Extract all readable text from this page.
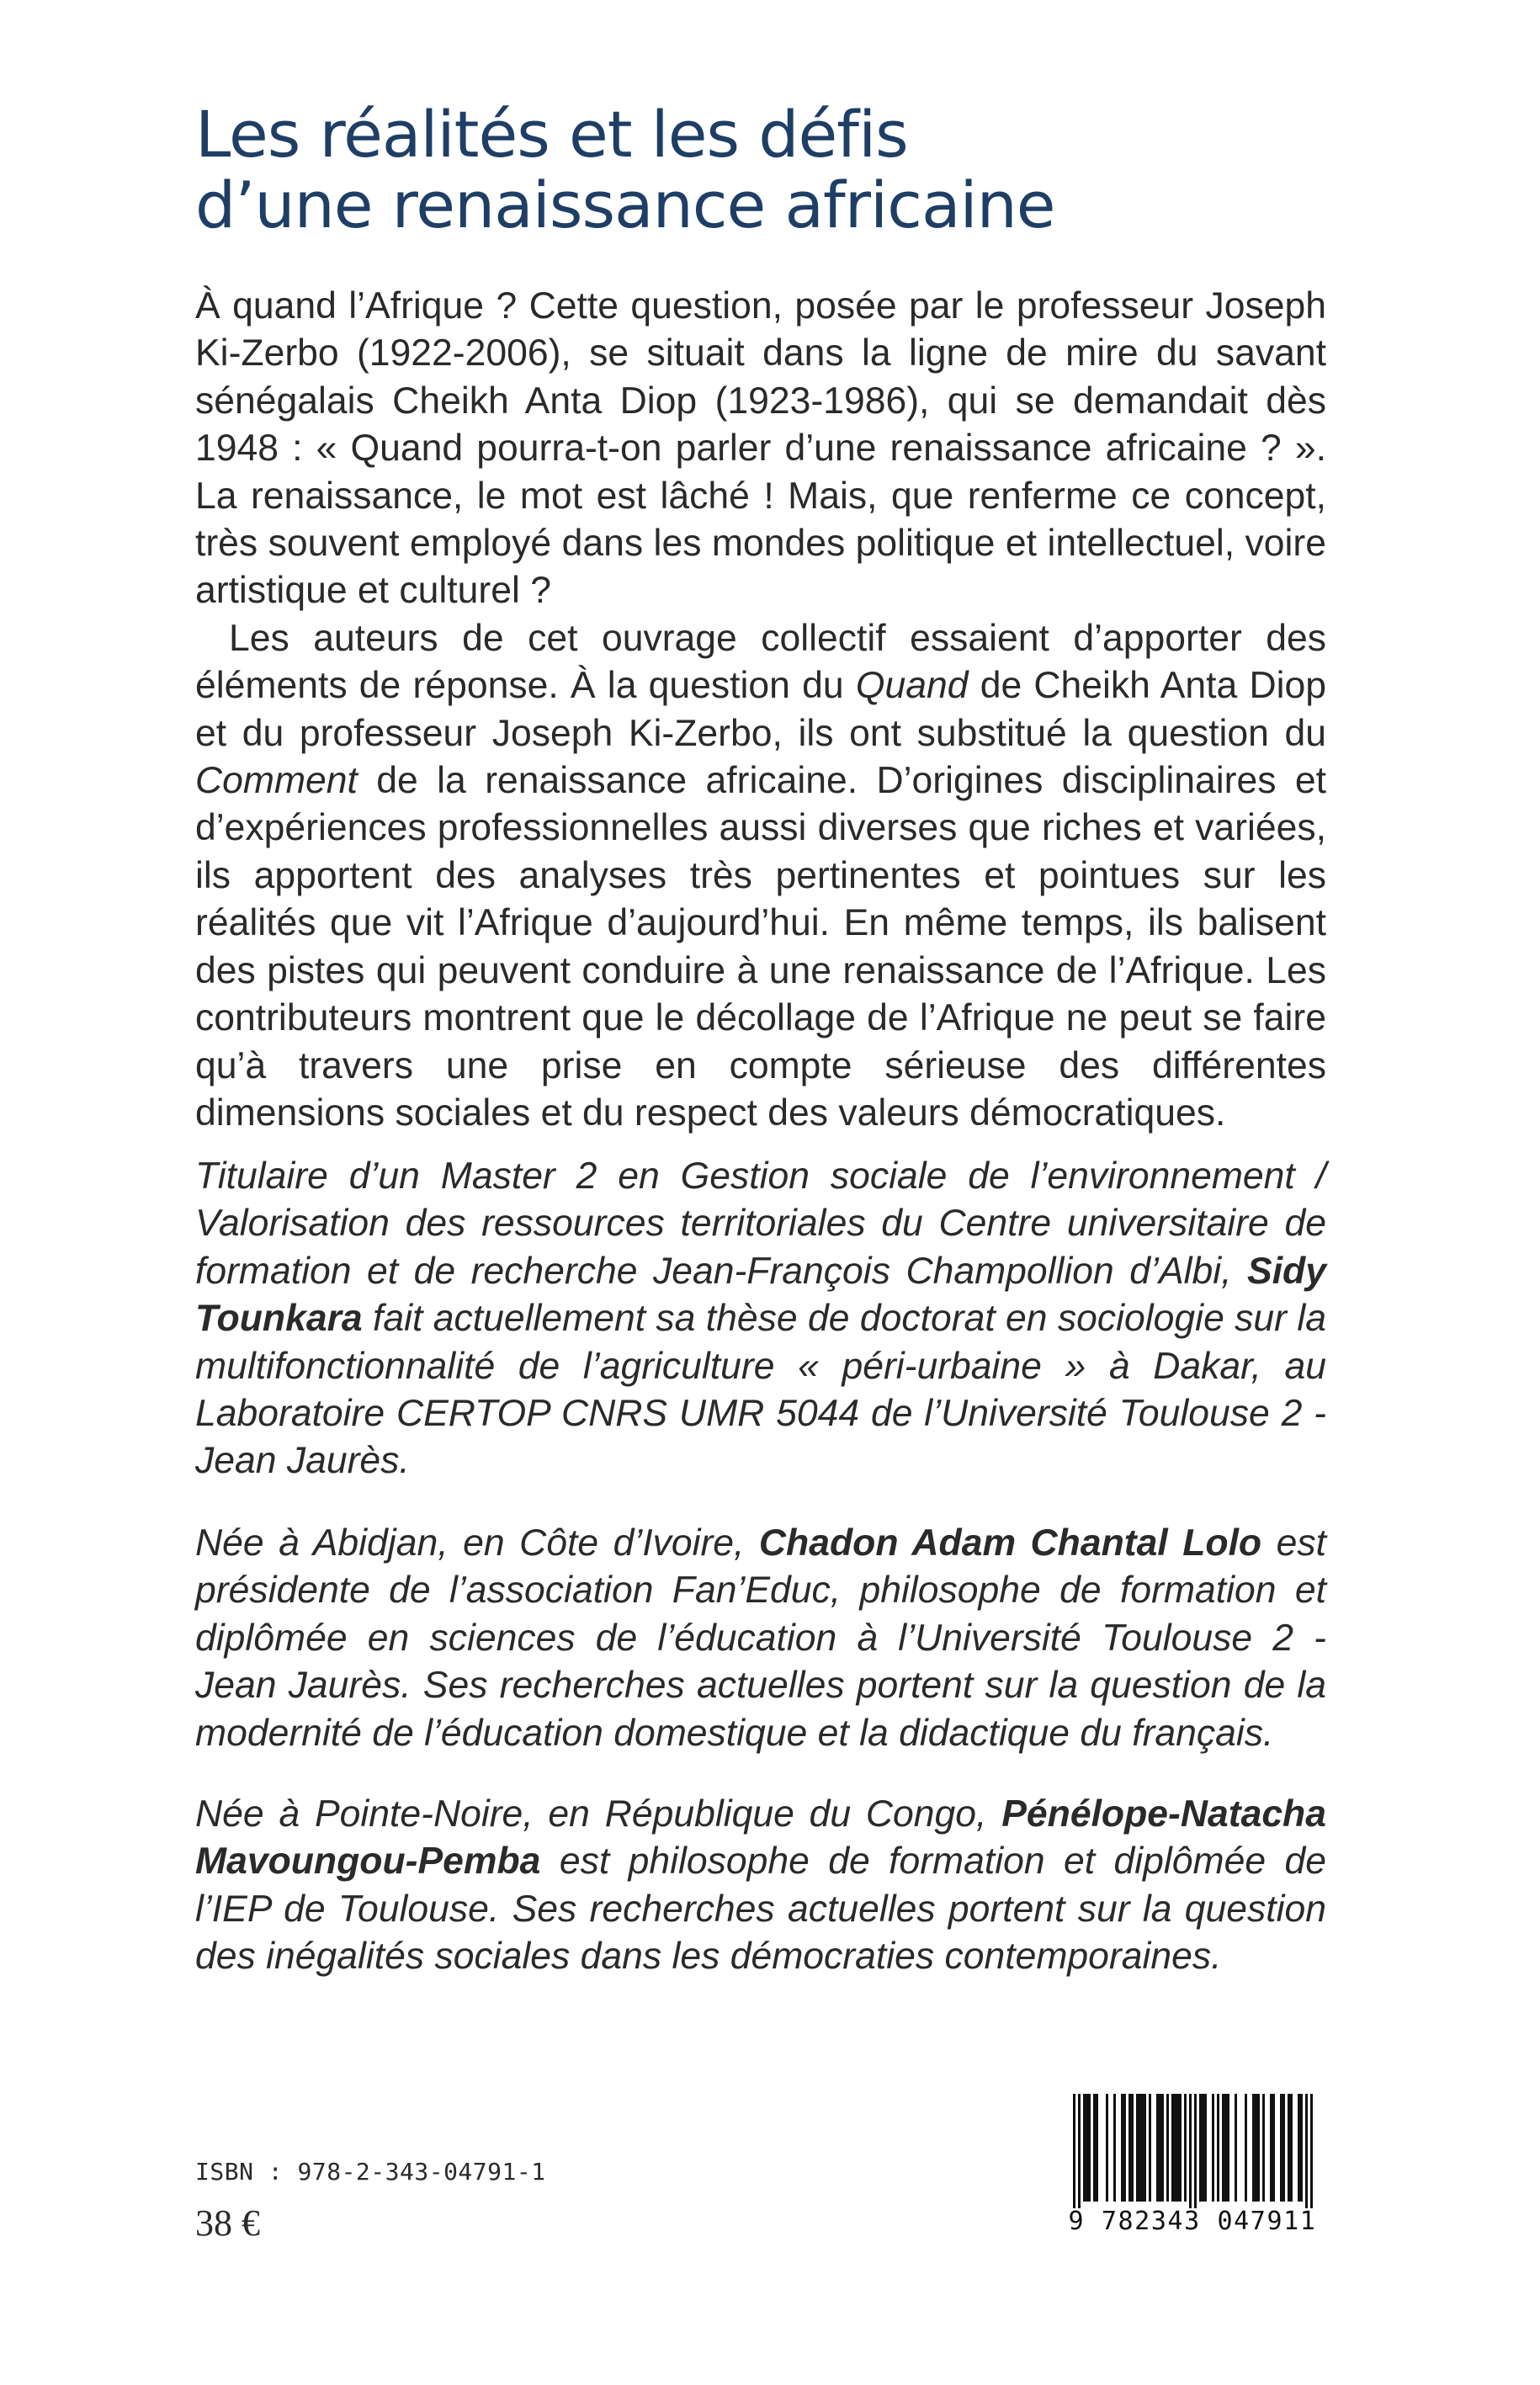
Les réalités et les défis
d’une renaissance africaine

À quand l’Afrique ? Cette question, posée par le professeur Joseph Ki-Zerbo (1922-2006), se situait dans la ligne de mire du savant sénégalais Cheikh Anta Diop (1923-1986), qui se demandait dès 1948 : « Quand pourra-t-on parler d’une renaissance africaine ? ». La renaissance, le mot est lâché ! Mais, que renferme ce concept, très souvent employé dans les mondes politique et intellectuel, voire artistique et culturel ?

Les auteurs de cet ouvrage collectif essaient d’apporter des éléments de réponse. À la question du Quand de Cheikh Anta Diop et du professeur Joseph Ki-Zerbo, ils ont substitué la question du Comment de la renaissance africaine. D’origines disciplinaires et d’expériences professionnelles aussi diverses que riches et variées, ils apportent des analyses très pertinentes et pointues sur les réalités que vit l’Afrique d’aujourd’hui. En même temps, ils balisent des pistes qui peuvent conduire à une renaissance de l’Afrique. Les contributeurs montrent que le décollage de l’Afrique ne peut se faire qu’à travers une prise en compte sérieuse des différentes dimensions sociales et du respect des valeurs démocratiques.

Titulaire d’un Master 2 en Gestion sociale de l’environnement / Valorisation des ressources territoriales du Centre universitaire de formation et de recherche Jean-François Champollion d’Albi, Sidy Tounkara fait actuellement sa thèse de doctorat en sociologie sur la multifonctionnalité de l’agriculture « péri-urbaine » à Dakar, au Laboratoire CERTOP CNRS UMR 5044 de l’Université Toulouse 2 - Jean Jaurès.

Née à Abidjan, en Côte d’Ivoire, Chadon Adam Chantal Lolo est présidente de l’association Fan’Educ, philosophe de formation et diplômée en sciences de l’éducation à l’Université Toulouse 2 - Jean Jaurès. Ses recherches actuelles portent sur la question de la modernité de l’éducation domestique et la didactique du français.

Née à Pointe-Noire, en République du Congo, Pénélope-Natacha Mavoungou-Pemba est philosophe de formation et diplômée de l’IEP de Toulouse. Ses recherches actuelles portent sur la question des inégalités sociales dans les démocraties contemporaines.

ISBN : 978-2-343-04791-1
38 €	9 782343 047911
